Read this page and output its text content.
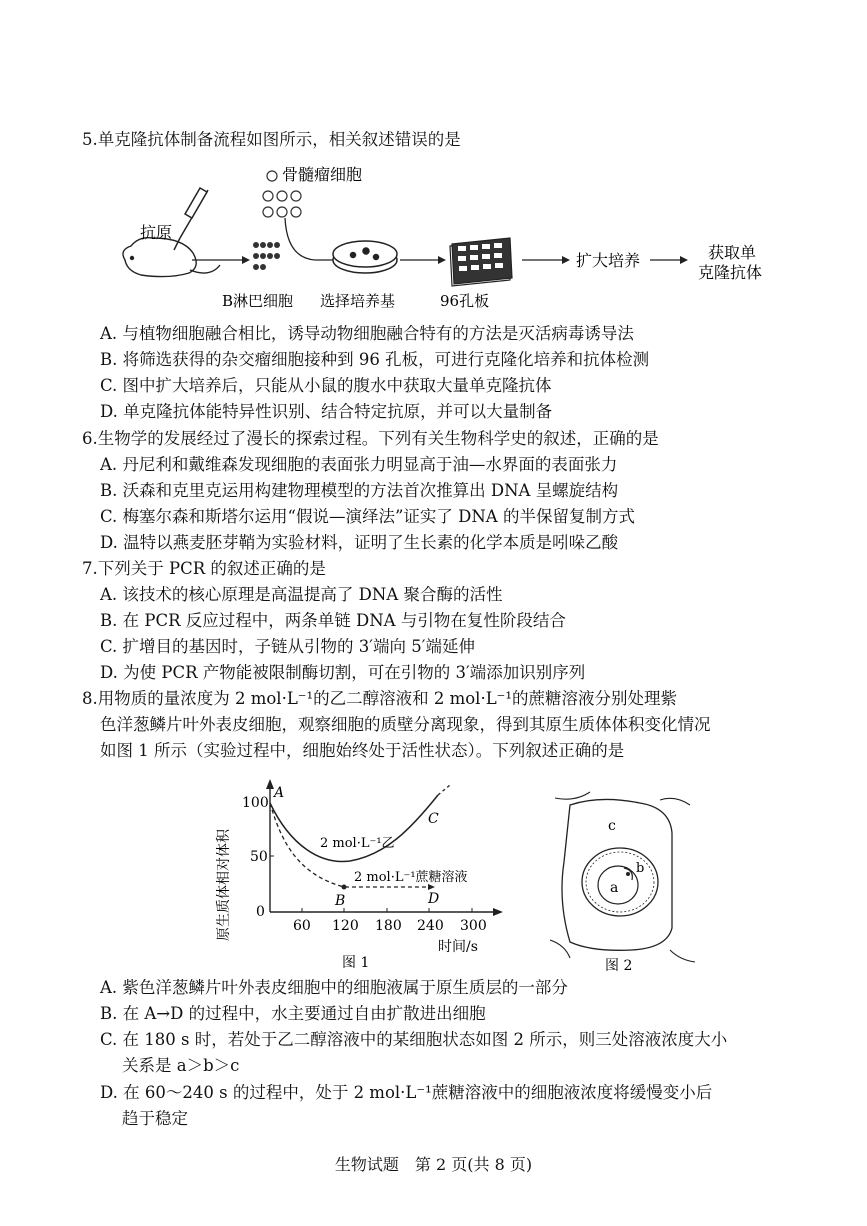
5.单克隆抗体制备流程如图所示，相关叙述错误的是
抗原
B淋巴细胞
骨髓瘤细胞
选择培养基	96孔板
扩大培养	获取单
克隆抗体
A. 与植物细胞融合相比，诱导动物细胞融合特有的方法是灭活病毒诱导法
B. 将筛选获得的杂交瘤细胞接种到 96 孔板，可进行克隆化培养和抗体检测
C. 图中扩大培养后，只能从小鼠的腹水中获取大量单克隆抗体
D. 单克隆抗体能特异性识别、结合特定抗原，并可以大量制备
6.生物学的发展经过了漫长的探索过程。下列有关生物科学史的叙述，正确的是
A. 丹尼利和戴维森发现细胞的表面张力明显高于油—水界面的表面张力
B. 沃森和克里克运用构建物理模型的方法首次推算出 DNA 呈螺旋结构
C. 梅塞尔森和斯塔尔运用“假说—演绎法”证实了 DNA 的半保留复制方式
D. 温特以燕麦胚芽鞘为实验材料，证明了生长素的化学本质是吲哚乙酸
7.下列关于 PCR 的叙述正确的是
A. 该技术的核心原理是高温提高了 DNA 聚合酶的活性
B. 在 PCR 反应过程中，两条单链 DNA 与引物在复性阶段结合
C. 扩增目的基因时，子链从引物的 3′端向 5′端延伸
D. 为使 PCR 产物能被限制酶切割，可在引物的 3′端添加识别序列
8.用物质的量浓度为 2 mol·L⁻¹的乙二醇溶液和 2 mol·L⁻¹的蔗糖溶液分别处理紫
色洋葱鳞片叶外表皮细胞，观察细胞的质壁分离现象，得到其原生质体体积变化情况
如图 1 所示（实验过程中，细胞始终处于活性状态）。下列叙述正确的是
原生质体相对体积
100
50
0
60 120 180 240 300
时间/s
A
B
C
D
2 mol·L⁻¹乙
2 mol·L⁻¹蔗糖溶液
图 1
c
a
b
图 2
A. 紫色洋葱鳞片叶外表皮细胞中的细胞液属于原生质层的一部分
B. 在 A→D 的过程中，水主要通过自由扩散进出细胞
C. 在 180 s 时，若处于乙二醇溶液中的某细胞状态如图 2 所示，则三处溶液浓度大小
关系是 a＞b＞c
D. 在 60～240 s 的过程中，处于 2 mol·L⁻¹蔗糖溶液中的细胞液浓度将缓慢变小后
趋于稳定
生物试题　第 2 页(共 8 页)
